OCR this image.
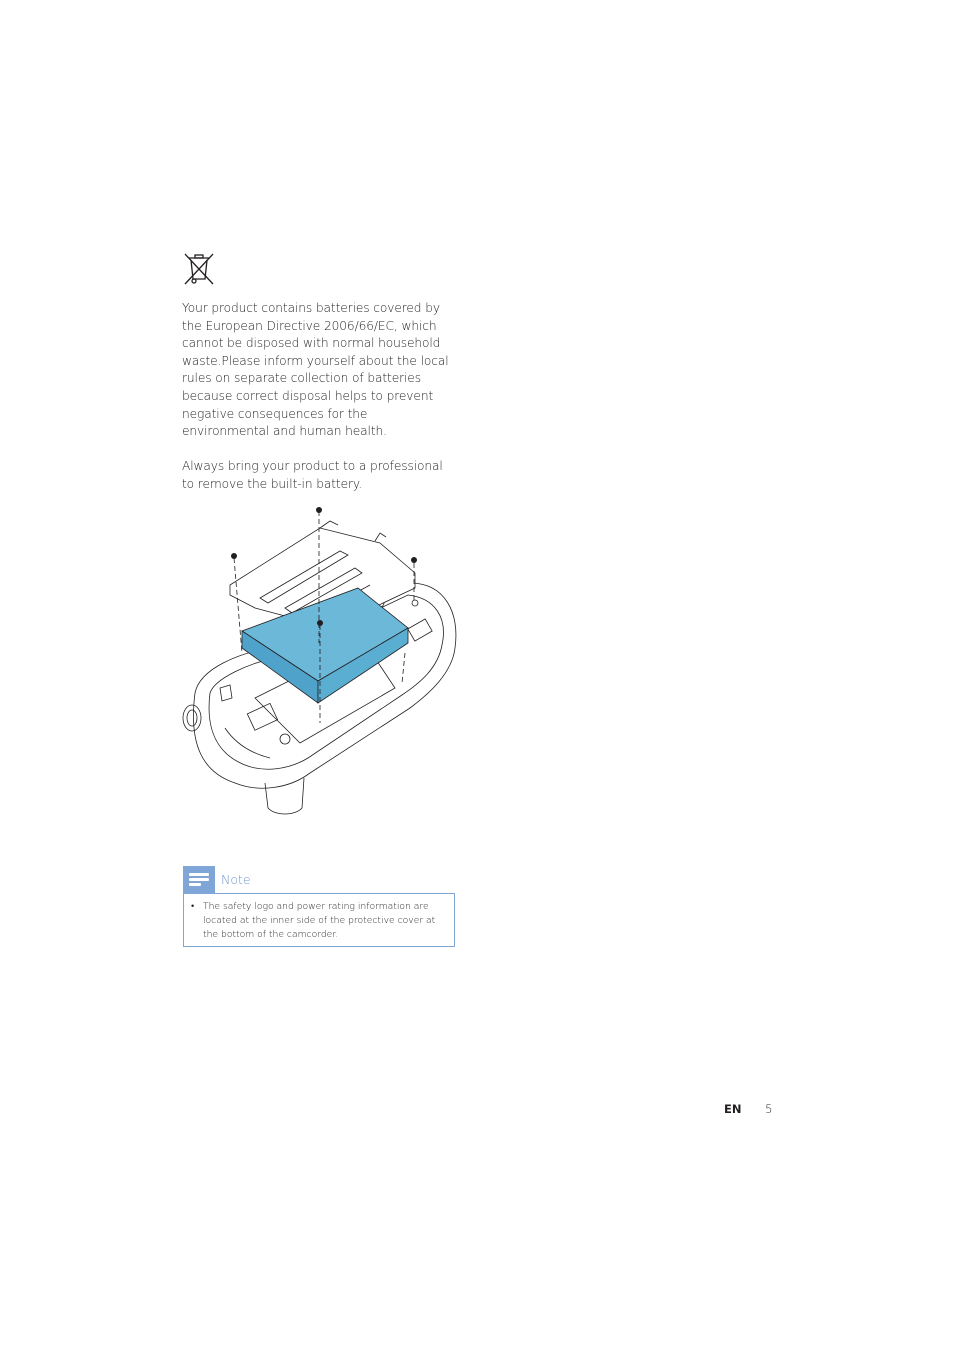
Your product contains batteries covered by the European Directive 2006/66/EC, which cannot be disposed with normal household waste.Please inform yourself about the local rules on separate collection of batteries because correct disposal helps to prevent negative consequences for the environmental and human health.

Always bring your product to a professional to remove the built-in battery.

Note

• The safety logo and power rating information are located at the inner side of the protective cover at the bottom of the camcorder.

EN 5
